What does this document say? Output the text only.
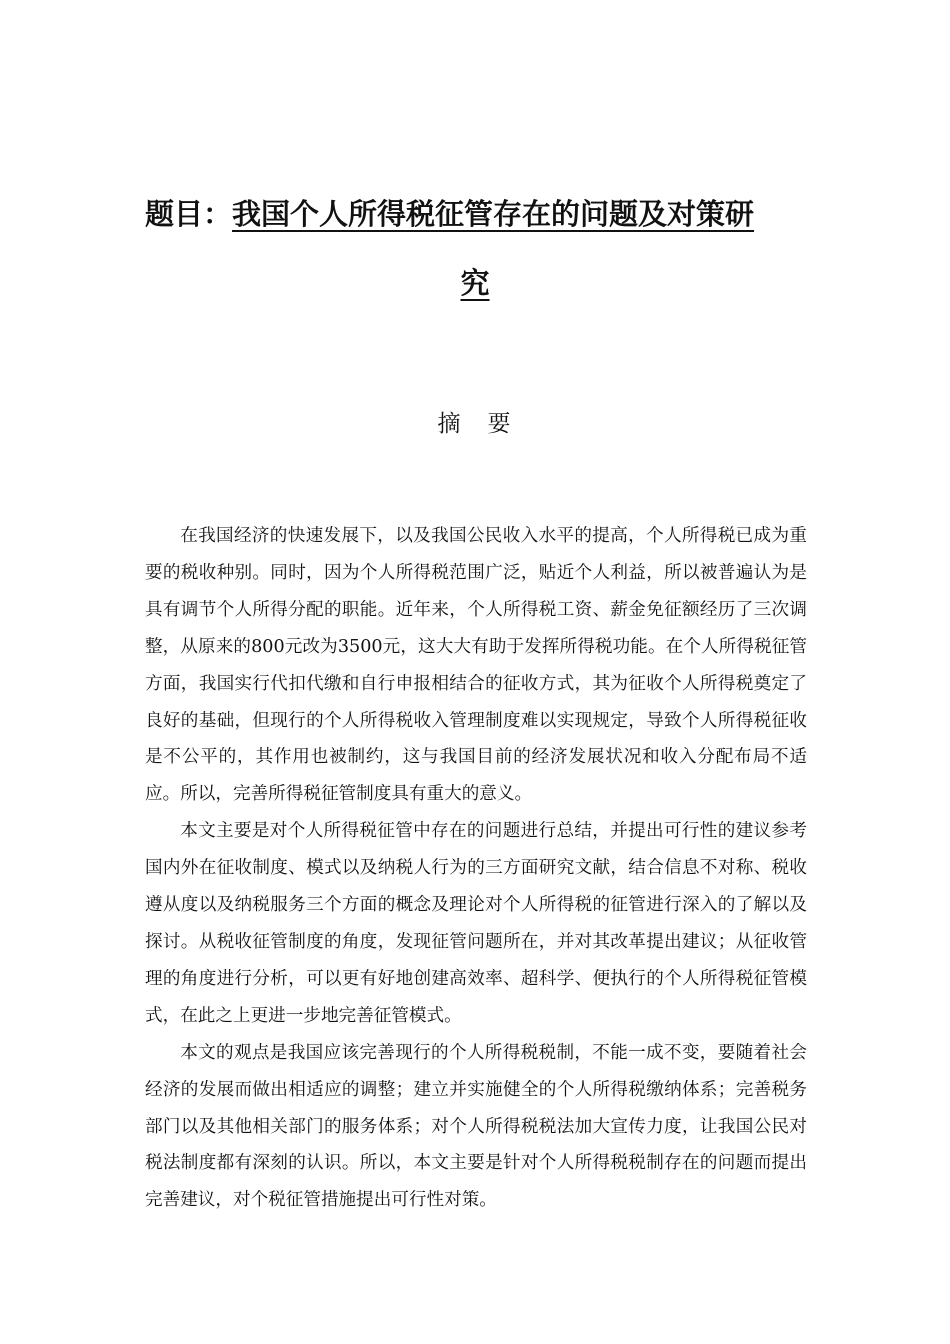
题目： 我国个人所得税征管存在的问题及对策研
究
摘　要

在我国经济的快速发展下，以及我国公民收入水平的提高，个人所得税已成为重要的税收种别。同时，因为个人所得税范围广泛，贴近个人利益，所以被普遍认为是具有调节个人所得分配的职能。近年来，个人所得税工资、薪金免征额经历了三次调整，从原来的800元改为3500元，这大大有助于发挥所得税功能。在个人所得税征管方面，我国实行代扣代缴和自行申报相结合的征收方式，其为征收个人所得税奠定了良好的基础，但现行的个人所得税收入管理制度难以实现规定，导致个人所得税征收是不公平的，其作用也被制约，这与我国目前的经济发展状况和收入分配布局不适应。所以，完善所得税征管制度具有重大的意义。

本文主要是对个人所得税征管中存在的问题进行总结，并提出可行性的建议参考国内外在征收制度、模式以及纳税人行为的三方面研究文献，结合信息不对称、税收遵从度以及纳税服务三个方面的概念及理论对个人所得税的征管进行深入的了解以及探讨。从税收征管制度的角度，发现征管问题所在，并对其改革提出建议；从征收管理的角度进行分析，可以更有好地创建高效率、超科学、便执行的个人所得税征管模式，在此之上更进一步地完善征管模式。

本文的观点是我国应该完善现行的个人所得税税制，不能一成不变，要随着社会经济的发展而做出相适应的调整；建立并实施健全的个人所得税缴纳体系；完善税务部门以及其他相关部门的服务体系；对个人所得税税法加大宣传力度，让我国公民对税法制度都有深刻的认识。所以，本文主要是针对个人所得税税制存在的问题而提出完善建议，对个税征管措施提出可行性对策。
